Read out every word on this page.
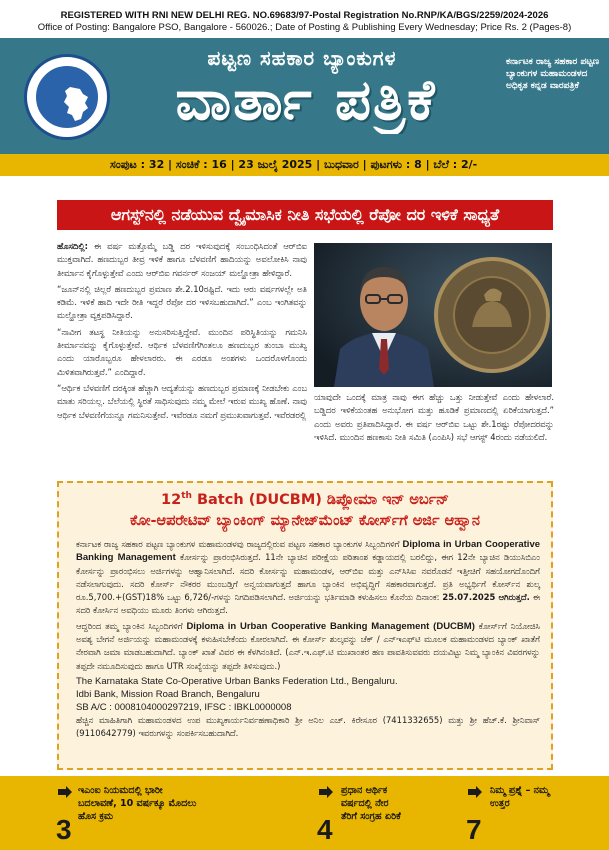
REGISTERED WITH RNI NEW DELHI REG. NO.69683/97-Postal Registration No.RNP/KA/BGS/2259/2024-2026
Office of Posting: Bangalore PSO, Bangalore - 560026.; Date of Posting & Publishing Every Wednesday; Price Rs. 2 (Pages-8)
ಪಟ್ಟಣ ಸಹಕಾರ ಬ್ಯಾಂಕುಗಳ
ವಾರ್ತಾ ಪತ್ರಿಕೆ
ಕರ್ನಾಟಕ ರಾಜ್ಯ ಸಹಕಾರ ಪಟ್ಟಣ ಬ್ಯಾಂಕುಗಳ ಮಹಾಮಂಡಳದ ಅಧಿಕೃತ ಕನ್ನಡ ವಾರಪತ್ರಿಕೆ
ಸಂಪುಟ : 32 | ಸಂಚಿಕೆ : 16 | 23 ಜುಲೈ 2025 | ಬುಧವಾರ | ಪುಟಗಳು : 8 | ಬೆಲೆ : 2/-
ಆಗಸ್ಟ್‌ನಲ್ಲಿ ನಡೆಯುವ ದ್ವೈಮಾಸಿಕ ನೀತಿ ಸಭೆಯಲ್ಲಿ ರೆಪೋ ದರ ಇಳಿಕೆ ಸಾಧ್ಯತೆ

ಹೊಸದಿಲ್ಲಿ: ಈ ವರ್ಷ ಮತ್ತೊಮ್ಮೆ ಬಡ್ಡಿ ದರ ಇಳಿಸುವುದಕ್ಕೆ ಸಂಬಂಧಿಸಿದಂತೆ ಆರ್‌ಬಿಐ ಮುಕ್ತವಾಗಿದೆ. ಹಣದುಬ್ಬರ ತೀವ್ರ ಇಳಿಕೆ ಹಾಗೂ ಬೆಳವಣಿಗೆ ಹಾದಿಯನ್ನು ಅವಲೋಕಿಸಿ ನಾವು ತೀರ್ಮಾನ ಕೈಗೊಳ್ಳುತ್ತೇವೆ ಎಂದು ಆರ್‌ಬಿಐ ಗವರ್ನರ್ ಸಂಜಯ್ ಮಲ್ಹೋತ್ರಾ ಹೇಳಿದ್ದಾರೆ.

“ಜೂನ್‌ನಲ್ಲಿ ಚಿಲ್ಲರೆ ಹಣದುಬ್ಬರ ಪ್ರಮಾಣ ಶೇ.2.10ರಷ್ಟಿದೆ. ಇದು ಆರು ವರ್ಷಗಳಲ್ಲೇ ಅತಿ ಕಡಿಮೆ. ಇಳಿಕೆ ಹಾದಿ ಇದೇ ರೀತಿ ಇದ್ದರೆ ರೆಪೋ ದರ ಇಳಿಸಬಹುದಾಗಿದೆ.” ಎಂಬ ಇಂಗಿತವನ್ನು ಮಲ್ಹೋತ್ರಾ ವ್ಯಕ್ತಪಡಿಸಿದ್ದಾರೆ.

“ನಾವೀಗ ತಟಸ್ಥ ನೀತಿಯನ್ನು ಅನುಸರಿಸುತ್ತಿದ್ದೇವೆ. ಮುಂದಿನ ಪರಿಸ್ಥಿತಿಯನ್ನು ಗಮನಿಸಿ ತೀರ್ಮಾನವನ್ನು ಕೈಗೊಳ್ಳುತ್ತೇವೆ. ಆರ್ಥಿಕ ಬೆಳವಣಿಗೆಗಿಂತಲೂ ಹಣದುಬ್ಬರ ತುಂಬಾ ಮುಖ್ಯ ಎಂದು ಯಾರೊಬ್ಬರೂ ಹೇಳಲಾರರು. ಈ ಎರಡೂ ಅಂಶಗಳು ಒಂದರೊಳಗೊಂದು ಮಿಳಿತವಾಗಿರುತ್ತವೆ.” ಎಂದಿದ್ದಾರೆ.

“ಆರ್ಥಿಕ ಬೆಳವಣಿಗೆ ದರಕ್ಕಿಂತ ಹೆಚ್ಚಾಗಿ ಆದ್ಯತೆಯನ್ನು ಹಣದುಬ್ಬರ ಪ್ರಮಾಣಕ್ಕೆ ನೀಡಬೇಕು ಎಂಬ ಮಾತು ಸರಿಯಲ್ಲ. ಬೆಲೆಯಲ್ಲಿ ಸ್ಥಿರತೆ ಸಾಧಿಸುವುದು ನಮ್ಮ ಮೇಲೆ ಇರುವ ಮುಖ್ಯ ಹೊಣೆ. ನಾವು ಆರ್ಥಿಕ ಬೆಳವಣಿಗೆಯನ್ನೂ ಗಮನಿಸುತ್ತೇವೆ. ಇವೆರಡೂ ನಮಗೆ ಪ್ರಮುಖವಾಗುತ್ತವೆ. ಇವೆರಡರಲ್ಲಿ

ಯಾವುದೇ ಒಂದಕ್ಕೆ ಮಾತ್ರ ನಾವು ಈಗ ಹೆಚ್ಚು ಒತ್ತು ನೀಡುತ್ತೇವೆ ಎಂದು ಹೇಳಲಾರೆ. ಬಡ್ಡಿದರ ಇಳಿಕೆಯಂತಹ ಅನುಭೋಗ ಮತ್ತು ಹೂಡಿಕೆ ಪ್ರಮಾಣದಲ್ಲಿ ಏರಿಕೆಯಾಗುತ್ತದೆ.” ಎಂದು ಅವರು ಪ್ರತಿಪಾದಿಸಿದ್ದಾರೆ. ಈ ವರ್ಷ ಆರ್‌ಬಿಐ ಒಟ್ಟು ಶೇ.1ರಷ್ಟು ರೆಪೋದರವನ್ನು ಇಳಿಸಿದೆ. ಮುಂದಿನ ಹಣಕಾಸು ನೀತಿ ಸಮಿತಿ (ಎಂಪಿಸಿ) ಸಭೆ ಆಗಸ್ಟ್ 4ರಂದು ನಡೆಯಲಿದೆ.
12th Batch (DUCBM) ಡಿಪ್ಲೋಮಾ ಇನ್ ಅರ್ಬನ್
ಕೋ-ಆಪರೇಟಿವ್ ಬ್ಯಾಂಕಿಂಗ್ ಮ್ಯಾನೇಜ್‌ಮೆಂಟ್ ಕೋರ್ಸ್‌ಗೆ ಅರ್ಜಿ ಆಹ್ವಾನ

ಕರ್ನಾಟಕ ರಾಜ್ಯ ಸಹಕಾರ ಪಟ್ಟಣ ಬ್ಯಾಂಕುಗಳ ಮಹಾಮಂಡಳವು ರಾಜ್ಯದಲ್ಲಿರುವ ಪಟ್ಟಣ ಸಹಕಾರ ಬ್ಯಾಂಕುಗಳ ಸಿಬ್ಬಂದಿಗಳಿಗೆ Diploma in Urban Cooperative Banking Management ಕೋರ್ಸನ್ನು ಪ್ರಾರಂಭಿಸಿರುತ್ತದೆ. 11ನೇ ಬ್ಯಾಚಿನ ಪರೀಕ್ಷೆಯ ಪಠಿತಾಂಶ ಕಡ್ಡಾಯದಲ್ಲಿ ಬರಲಿದ್ದು, ಈಗ 12ನೇ ಬ್ಯಾಚಿನ ಡಿಯುಸಿಬಿಎಂ ಕೋರ್ಸನ್ನು ಪ್ರಾರಂಭಿಸಲು ಅರ್ಜಿಗಳನ್ನು ಆಹ್ವಾನಿಸಲಾಗಿದೆ. ಸದರಿ ಕೋರ್ಸನ್ನು ಮಹಾಮಂಡಳ, ಆರ್‌ಬಿಐ ಮತ್ತು ಎನ್‌ಸಿಸಿಐ ನವರೊಡನೆ ಇತ್ತೀಚಿಗೆ ಸಹಯೋಗದೊಂದಿಗೆ ನಡೆಸಲಾಗುವುದು. ಸದರಿ ಕೋರ್ಸ್ ನೌಕರರ ಮುಂಬಡ್ತಿಗೆ ಅನ್ವಯವಾಗುತ್ತದೆ ಹಾಗೂ ಬ್ಯಾಂಕಿನ ಅಭಿವೃದ್ಧಿಗೆ ಸಹಕಾರವಾಗುತ್ತದೆ. ಪ್ರತಿ ಅಭ್ಯರ್ಥಿಗೆ ಕೋರ್ಸ್‌ನ ಶುಲ್ಕ ರೂ.5,700.+(GST)18% ಒಟ್ಟು 6,726/-ಗಳನ್ನು ನಿಗದಿಪಡಿಸಲಾಗಿದೆ. ಅರ್ಜಿಯನ್ನು ಭರ್ತಿಮಾಡಿ ಕಳುಹಿಸಲು ಕೊನೆಯ ದಿನಾಂಕ: 25.07.2025 ಆಗಿರುತ್ತದೆ. ಈ ಸದರಿ ಕೋರ್ಸಿನ ಅವಧಿಯು ಮೂರು ತಿಂಗಳು ಆಗಿರುತ್ತದೆ.

ಆದ್ದರಿಂದ ತಮ್ಮ ಬ್ಯಾಂಕಿನ ಸಿಬ್ಬಂದಿಗಳಿಗೆ Diploma in Urban Cooperative Banking Management (DUCBM) ಕೋರ್ಸ್‌ಗೆ ನಿಯೋಜಿಸಿ ಅವಶ್ಯ ಬೇಗನೆ ಅರ್ಜಿಯನ್ನು ಮಹಾಮಂಡಳಕ್ಕೆ ಕಳುಹಿಸಬೇಕೆಂದು ಕೋರಲಾಗಿದೆ. ಈ ಕೋರ್ಸ್ ಶುಲ್ಕವನ್ನು ಚೆಕ್ / ಎನ್‌ಇಎಫ್‌ಟಿ ಮೂಲಕ ಮಹಾಮಂಡಳದ ಬ್ಯಾಂಕ್ ಖಾತೆಗೆ ನೇರವಾಗಿ ಜಮಾ ಮಾಡಬಹುದಾಗಿದೆ. ಬ್ಯಾಂಕ್ ಖಾತೆ ವಿವರ ಈ ಕೆಳಗಿನಂತಿದೆ. (ಎನ್.ಇ.ಎಫ್.ಟಿ ಮುಖಾಂತರ ಹಣ ಪಾವತಿಸುವವರು ದಯವಿಟ್ಟು ನಿಮ್ಮ ಬ್ಯಾಂಕಿನ ವಿವರಗಳನ್ನು ತಪ್ಪದೇ ನಮೂದಿಸುವುದು ಹಾಗೂ UTR ಸಂಖ್ಯೆಯನ್ನು ತಪ್ಪದೇ ತಿಳಿಸುವುದು.)

The Karnataka State Co-Operative Urban Banks Federation Ltd., Bengaluru.
Idbi Bank, Mission Road Branch, Bengaluru
SB A/C : 0008104000297219, IFSC : IBKL0000008

ಹೆಚ್ಚಿನ ಮಾಹಿತಿಗಾಗಿ ಮಹಾಮಂಡಳದ ಉಪ ಮುಖ್ಯಕಾರ್ಯನಿರ್ವಹಣಾಧಿಕಾರಿ ಶ್ರೀ ಅನಿಲ ಎಚ್. ಕಿರೇಸೂರ (7411332655) ಮತ್ತು ಶ್ರೀ ಹೆಚ್.ಕೆ. ಶ್ರೀನಿವಾಸ್ (9110642779) ಇವರುಗಳನ್ನು ಸಂಪರ್ಕಿಸಬಹುದಾಗಿದೆ.

ಇಎಂಐ ನಿಯಮದಲ್ಲಿ ಭಾರೀ ಬದಲಾವಣೆ, 10 ವರ್ಷಕ್ಕೂ ಮೊದಲು ಹೊಸ ಕ್ರಮ
3
ಪ್ರಧಾನ ಆರ್ಥಿಕ ವರ್ಷದಲ್ಲಿ ನೇರ ತೆರಿಗೆ ಸಂಗ್ರಹ ಏರಿಕೆ
4
ನಿಮ್ಮ ಪ್ರಶ್ನೆ – ನಮ್ಮ ಉತ್ತರ
7
